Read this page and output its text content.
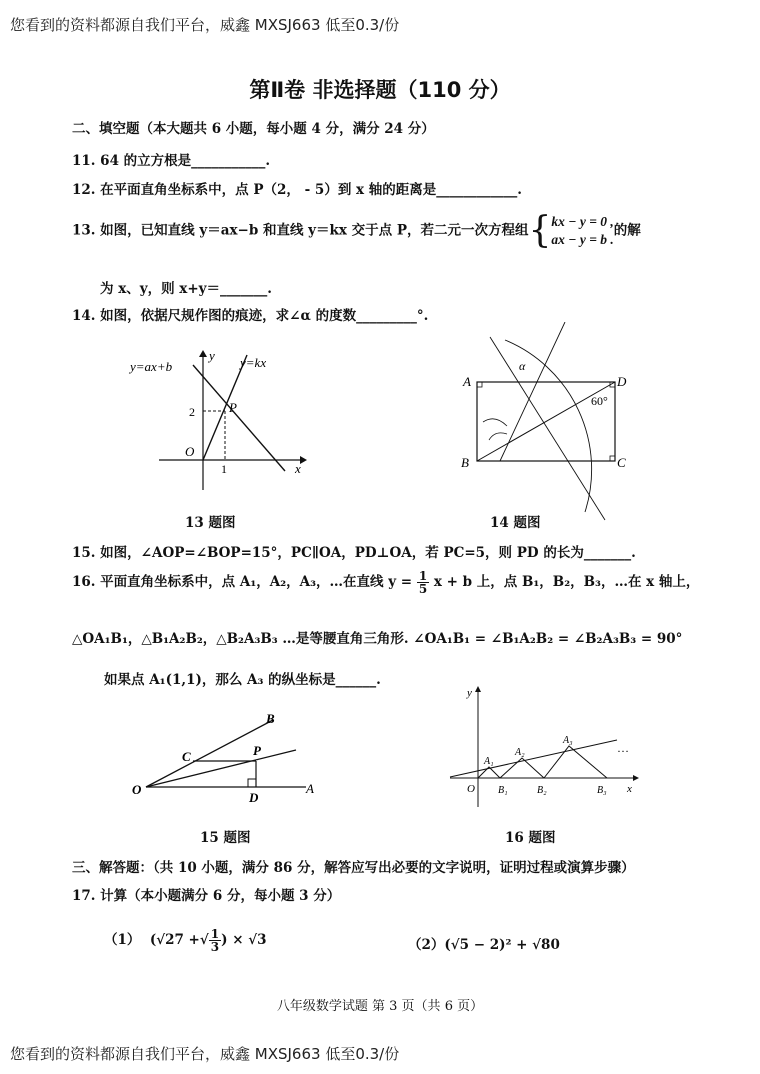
您看到的资料都源自我们平台，威鑫 MXSJ663 低至0.3/份
第Ⅱ卷 非选择题（110 分）
二、填空题（本大题共 6 小题，每小题 4 分，满分 24 分）
11. 64 的立方根是___________.
12. 在平面直角坐标系中，点 P（2， - 5）到 x 轴的距离是____________.
13. 如图，已知直线 y＝ax−b 和直线 y＝kx 交于点 P，若二元一次方程组{ kx − y = 0 ,
ax − y = b .
的解
为 x、y，则 x+y＝_______.
14. 如图，依据尺规作图的痕迹，求∠α 的度数_________°.
y=ax+b	y=kx
y
x
P
O
2
1
13 题图
A
B	C
D
α
60°
14 题图
15. 如图，∠AOP=∠BOP=15°，PC∥OA，PD⊥OA，若 PC=5，则 PD 的长为_______.
16. 平面直角坐标系中，点 A₁，A₂，A₃，…在直线 $y = \frac{1}{5}$ x + b 上，点 B₁，B₂，B₃，…在 x 轴上，
△OA₁B₁，△B₁A₂B₂，△B₂A₃B₃ …是等腰直角三角形. ∠OA₁B₁ = ∠B₁A₂B₂ = ∠B₂A₃B₃ = 90°
如果点 A₁(1,1)，那么 A₃ 的纵坐标是______.
O	A
B
C	P
D
15 题图
y
x
O
A₁
A₂
A₃
B₁	B₂	B₃
…
16 题图
三、解答题：（共 10 小题，满分 86 分，解答应写出必要的文字说明，证明过程或演算步骤）
17. 计算（本小题满分 6 分，每小题 3 分）
（1） (√27 +√ $\frac{1}{3}$ ) × √3	（2）(√5 − 2)² + √80
八年级数学试题 第 3 页（共 6 页）
您看到的资料都源自我们平台，威鑫 MXSJ663 低至0.3/份
